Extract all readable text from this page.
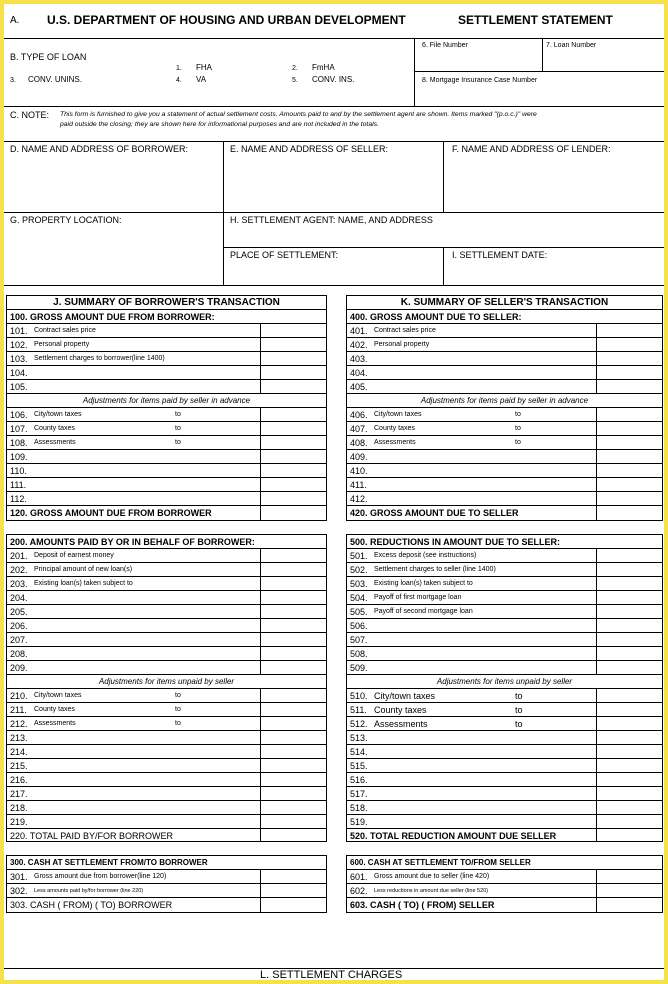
A. U.S. DEPARTMENT OF HOUSING AND URBAN DEVELOPMENT	SETTLEMENT STATEMENT
B. TYPE OF LOAN
1. FHA	2. FmHA
3. CONV. UNINS.	4. VA	5. CONV. INS.
6. File Number	7. Loan Number
8. Mortgage Insurance Case Number
C. NOTE: This form is furnished to give you a statement of actual settlement costs. Amounts paid to and by the settlement agent are shown. Items marked "(p.o.c.)" were
paid outside the closing; they are shown here for informational purposes and are not included in the totals.
D. NAME AND ADDRESS OF BORROWER:	E. NAME AND ADDRESS OF SELLER:	F. NAME AND ADDRESS OF LENDER:
G. PROPERTY LOCATION:	H. SETTLEMENT AGENT: NAME, AND ADDRESS
PLACE OF SETTLEMENT:	I. SETTLEMENT DATE:
J. SUMMARY OF BORROWER'S TRANSACTION
100. GROSS AMOUNT DUE FROM BORROWER:
101. Contract sales price
102. Personal property
103. Settlement charges to borrower(line 1400)
104.
105.
Adjustments for items paid by seller in advance
106. City/town taxes	to
107. County taxes	to
108. Assessments	to
109.
110.
111.
112.
120. GROSS AMOUNT DUE FROM BORROWER
200. AMOUNTS PAID BY OR IN BEHALF OF BORROWER:
201. Deposit of earnest money
202. Principal amount of new loan(s)
203. Existing loan(s) taken subject to
204.
205.
206.
207.
208.
209.
Adjustments for items unpaid by seller
210. City/town taxes	to
211. County taxes	to
212. Assessments	to
213.
214.
215.
216.
217.
218.
219.
220. TOTAL PAID BY/FOR BORROWER
300. CASH AT SETTLEMENT FROM/TO BORROWER
301. Gross amount due from borrower(line 120)
302. Less amounts paid by/for borrower (line 220)
303. CASH ( FROM) ( TO) BORROWER
K. SUMMARY OF SELLER'S TRANSACTION
400. GROSS AMOUNT DUE TO SELLER:
401. Contract sales price
402. Personal property
403.
404.
405.
Adjustments for items paid by seller in advance
406. City/town taxes	to
407. County taxes	to
408. Assessments	to
409.
410.
411.
412.
420. GROSS AMOUNT DUE TO SELLER
500. REDUCTIONS IN AMOUNT DUE TO SELLER:
501. Excess deposit (see instructions)
502. Settlement charges to seller (line 1400)
503. Existing loan(s) taken subject to
504. Payoff of first mortgage loan
505. Payoff of second mortgage loan
506.
507.
508.
509.
Adjustments for items unpaid by seller
510. City/town taxes	to
511. County taxes	to
512. Assessments	to
513.
514.
515.
516.
517.
518.
519.
520. TOTAL REDUCTION AMOUNT DUE SELLER
600. CASH AT SETTLEMENT TO/FROM SELLER
601. Gross amount due to seller (line 420)
602. Less reductions in amount due seller (line 520)
603. CASH ( TO) ( FROM) SELLER
L. SETTLEMENT CHARGES
